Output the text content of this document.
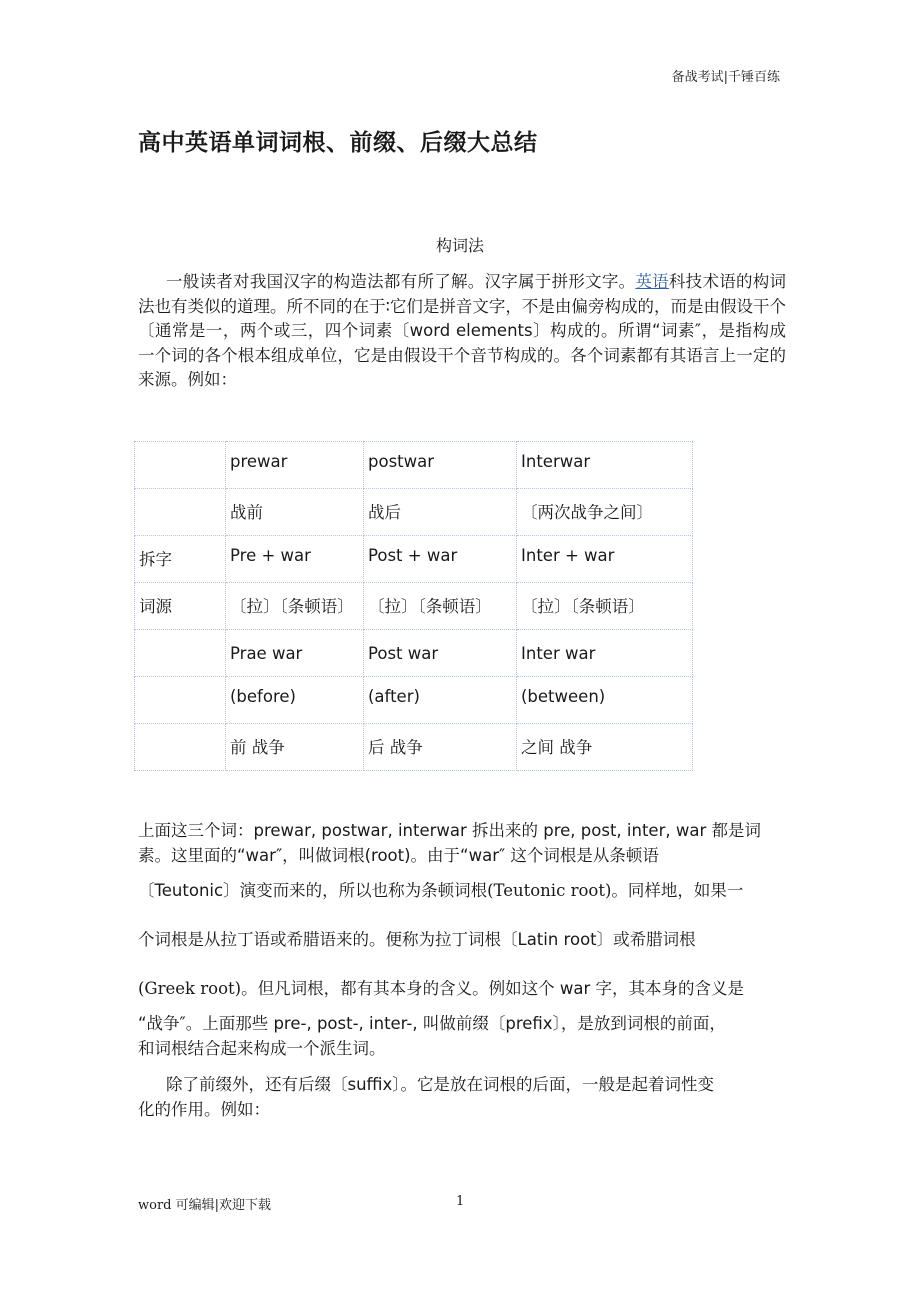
备战考试|千锤百练
高中英语单词词根、前缀、后缀大总结
构词法

一般读者对我国汉字的构造法都有所了解。汉字属于拼形文字。英语科技术语的构词法也有类似的道理。所不同的在于∶它们是拼音文字，不是由偏旁构成的，而是由假设干个〔通常是一，两个或三，四个词素〔word elements〕构成的。所谓“词素″，是指构成一个词的各个根本组成单位，它是由假设干个音节构成的。各个词素都有其语言上一定的来源。例如：

	prewar	postwar	Interwar
	战前	战后	〔两次战争之间〕
拆字	Pre + war	Post + war	Inter + war
词源	〔拉〕〔条顿语〕	〔拉〕〔条顿语〕	〔拉〕〔条顿语〕
	Prae war	Post war	Inter war
	(before)	(after)	(between)
	前 战争	后 战争	之间 战争
上面这三个词：prewar, postwar, interwar 拆出来的 pre, post, inter, war 都是词
素。这里面的“war″，叫做词根(root)。由于“war″ 这个词根是从条顿语
〔Teutonic〕演变而来的，所以也称为条顿词根(Teutonic root)。同样地，如果一
个词根是从拉丁语或希腊语来的。便称为拉丁词根〔Latin root〕或希腊词根
(Greek root)。但凡词根，都有其本身的含义。例如这个 war 字，其本身的含义是
“战争″。上面那些 pre-, post-, inter-, 叫做前缀〔prefix〕，是放到词根的前面，
和词根结合起来构成一个派生词。
除了前缀外，还有后缀〔suffix〕。它是放在词根的后面，一般是起着词性变
化的作用。例如：
word 可编辑|欢迎下载	1
